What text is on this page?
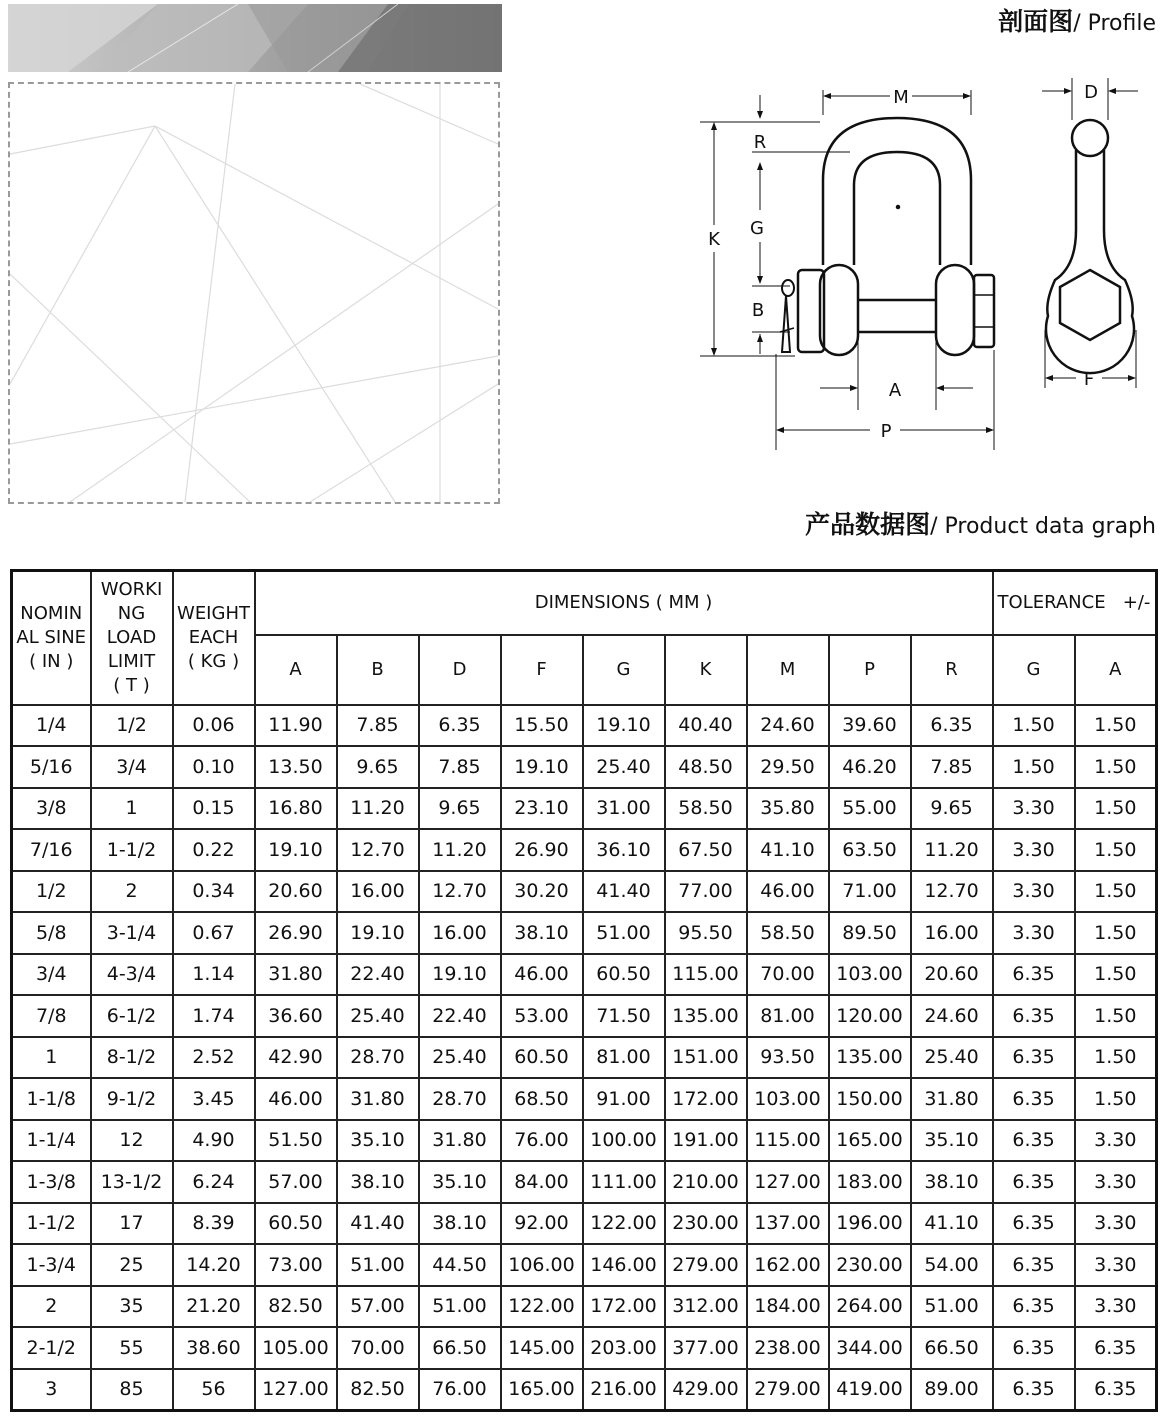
剖面图/ Profile
产品数据图/ Product data graph
M
R
G
K
B
A
P
D
F
NOMIN
AL SINE
( IN )	WORKI
NG
LOAD
LIMIT
( T )	WEIGHT
EACH
( KG )	DIMENSIONS ( MM )									TOLERANCE   +/-	
			A	B	D	F	G	K	M	P	R	G	A
1/4	1/2	0.06	11.90	7.85	6.35	15.50	19.10	40.40	24.60	39.60	6.35	1.50	1.50
5/16	3/4	0.10	13.50	9.65	7.85	19.10	25.40	48.50	29.50	46.20	7.85	1.50	1.50
3/8	1	0.15	16.80	11.20	9.65	23.10	31.00	58.50	35.80	55.00	9.65	3.30	1.50
7/16	1-1/2	0.22	19.10	12.70	11.20	26.90	36.10	67.50	41.10	63.50	11.20	3.30	1.50
1/2	2	0.34	20.60	16.00	12.70	30.20	41.40	77.00	46.00	71.00	12.70	3.30	1.50
5/8	3-1/4	0.67	26.90	19.10	16.00	38.10	51.00	95.50	58.50	89.50	16.00	3.30	1.50
3/4	4-3/4	1.14	31.80	22.40	19.10	46.00	60.50	115.00	70.00	103.00	20.60	6.35	1.50
7/8	6-1/2	1.74	36.60	25.40	22.40	53.00	71.50	135.00	81.00	120.00	24.60	6.35	1.50
1	8-1/2	2.52	42.90	28.70	25.40	60.50	81.00	151.00	93.50	135.00	25.40	6.35	1.50
1-1/8	9-1/2	3.45	46.00	31.80	28.70	68.50	91.00	172.00	103.00	150.00	31.80	6.35	1.50
1-1/4	12	4.90	51.50	35.10	31.80	76.00	100.00	191.00	115.00	165.00	35.10	6.35	3.30
1-3/8	13-1/2	6.24	57.00	38.10	35.10	84.00	111.00	210.00	127.00	183.00	38.10	6.35	3.30
1-1/2	17	8.39	60.50	41.40	38.10	92.00	122.00	230.00	137.00	196.00	41.10	6.35	3.30
1-3/4	25	14.20	73.00	51.00	44.50	106.00	146.00	279.00	162.00	230.00	54.00	6.35	3.30
2	35	21.20	82.50	57.00	51.00	122.00	172.00	312.00	184.00	264.00	51.00	6.35	3.30
2-1/2	55	38.60	105.00	70.00	66.50	145.00	203.00	377.00	238.00	344.00	66.50	6.35	6.35
3	85	56	127.00	82.50	76.00	165.00	216.00	429.00	279.00	419.00	89.00	6.35	6.35
